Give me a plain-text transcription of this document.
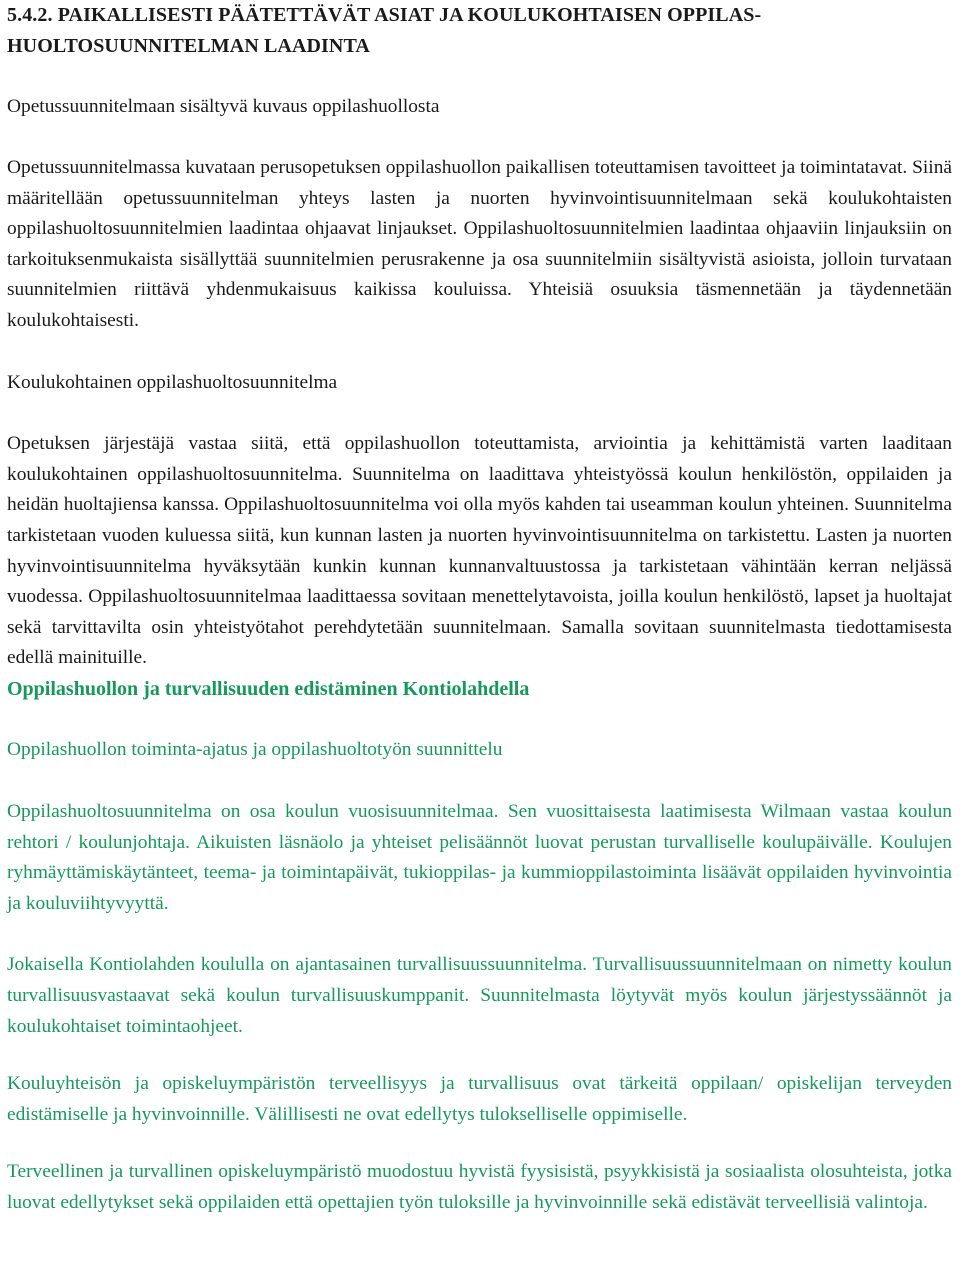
5.4.2. PAIKALLISESTI PÄÄTETTÄVÄT ASIAT JA KOULUKOHTAISEN OPPILAS-
HUOLTOSUUNNITELMAN LAADINTA
Opetussuunnitelmaan sisältyvä kuvaus oppilashuollosta

Opetussuunnitelmassa kuvataan perusopetuksen oppilashuollon paikallisen toteuttamisen tavoitteet ja toimintatavat. Siinä määritellään opetussuunnitelman yhteys lasten ja nuorten hyvinvointisuunnitelmaan sekä koulukohtaisten oppilashuoltosuunnitelmien laadintaa ohjaavat linjaukset. Oppilashuoltosuunnitelmien laadintaa ohjaaviin linjauksiin on tarkoituksenmukaista sisällyttää suunnitelmien perusrakenne ja osa suunnitelmiin sisältyvistä asioista, jolloin turvataan suunnitelmien riittävä yhdenmukaisuus kaikissa kouluissa. Yhteisiä osuuksia täsmennetään ja täydennetään koulukohtaisesti.

Koulukohtainen oppilashuoltosuunnitelma

Opetuksen järjestäjä vastaa siitä, että oppilashuollon toteuttamista, arviointia ja kehittämistä varten laaditaan koulukohtainen oppilashuoltosuunnitelma. Suunnitelma on laadittava yhteistyössä koulun henkilöstön, oppilaiden ja heidän huoltajiensa kanssa. Oppilashuoltosuunnitelma voi olla myös kahden tai useamman koulun yhteinen. Suunnitelma tarkistetaan vuoden kuluessa siitä, kun kunnan lasten ja nuorten hyvinvointisuunnitelma on tarkistettu. Lasten ja nuorten hyvinvointisuunnitelma hyväksytään kunkin kunnan kunnanvaltuustossa ja tarkistetaan vähintään kerran neljässä vuodessa. Oppilashuoltosuunnitelmaa laadittaessa sovitaan menettelytavoista, joilla koulun henkilöstö, lapset ja huoltajat sekä tarvittavilta osin yhteistyötahot perehdytetään suunnitelmaan. Samalla sovitaan suunnitelmasta tiedottamisesta edellä mainituille.

Oppilashuollon ja turvallisuuden edistäminen Kontiolahdella
Oppilashuollon toiminta-ajatus ja oppilashuoltotyön suunnittelu

Oppilashuoltosuunnitelma on osa koulun vuosisuunnitelmaa. Sen vuosittaisesta laatimisesta Wilmaan vastaa koulun rehtori / koulunjohtaja. Aikuisten läsnäolo ja yhteiset pelisäännöt luovat perustan turvalliselle koulupäivälle. Koulujen ryhmäyttämiskäytänteet, teema- ja toimintapäivät, tukioppilas- ja kummioppilastoiminta lisäävät oppilaiden hyvinvointia ja kouluviihtyvyyttä.

Jokaisella Kontiolahden koululla on ajantasainen turvallisuussuunnitelma. Turvallisuussuunnitelmaan on nimetty koulun turvallisuusvastaavat sekä koulun turvallisuuskumppanit. Suunnitelmasta löytyvät myös koulun järjestyssäännöt ja koulukohtaiset toimintaohjeet.

Kouluyhteisön ja opiskeluympäristön terveellisyys ja turvallisuus ovat tärkeitä oppilaan/ opiskelijan terveyden edistämiselle ja hyvinvoinnille. Välillisesti ne ovat edellytys tulokselliselle oppimiselle.

Terveellinen ja turvallinen opiskeluympäristö muodostuu hyvistä fyysisistä, psyykkisistä ja sosiaalista olosuhteista, jotka luovat edellytykset sekä oppilaiden että opettajien työn tuloksille ja hyvinvoinnille sekä edistävät terveellisiä valintoja.
